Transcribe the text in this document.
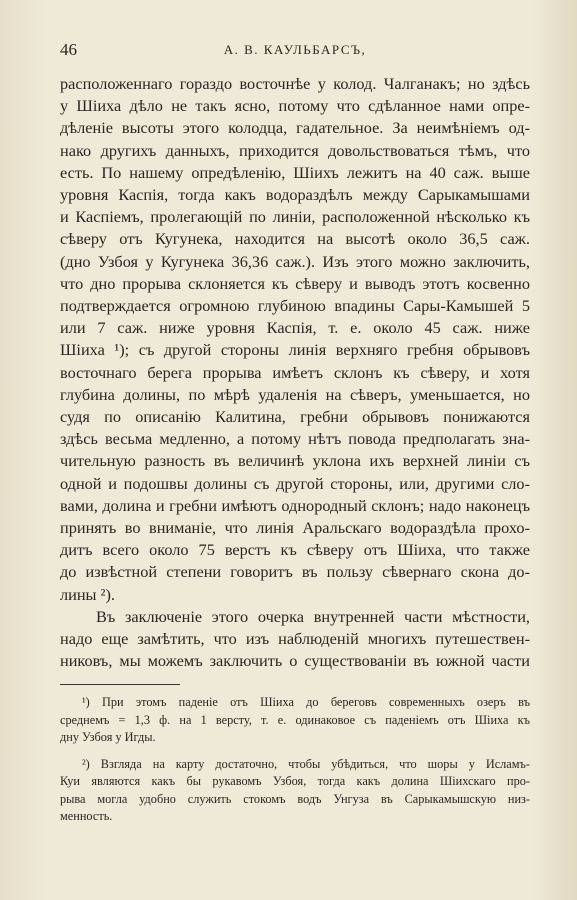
46	А. В. КАУЛЬБАРСЪ,
расположеннаго гораздо восточнѣе у колод. Чалганакъ; но здѣсь
у Шiиха дѣло не такъ ясно, потому что сдѣланное нами опре-
дѣленiе высоты этого колодца, гадательное. За неимѣнiемъ од-
нако другихъ данныхъ, приходится довольствоваться тѣмъ, что
есть. По нашему опредѣленiю, Шiихъ лежитъ на 40 саж. выше
уровня Каспiя, тогда какъ водораздѣлъ между Сарыкамышами
и Каспiемъ, пролегающiй по линiи, расположенной нѣсколько къ
сѣверу отъ Кугунека, находится на высотѣ около 36,5 саж.
(дно Узбоя у Кугунека 36,36 саж.). Изъ этого можно заключить,
что дно прорыва склоняется къ сѣверу и выводъ этотъ косвенно
подтверждается огромною глубиною впадины Сары-Камышей 5
или 7 саж. ниже уровня Каспiя, т. е. около 45 саж. ниже
Шiиха ¹); съ другой стороны линiя верхняго гребня обрывовъ
восточнаго берега прорыва имѣетъ склонъ къ сѣверу, и хотя
глубина долины, по мѣрѣ удаленiя на сѣверъ, уменьшается, но
судя по описанiю Калитина, гребни обрывовъ понижаются
здѣсь весьма медленно, а потому нѣтъ повода предполагать зна-
чительную разность въ величинѣ уклона ихъ верхней линiи съ
одной и подошвы долины съ другой стороны, или, другими сло-
вами, долина и гребни имѣютъ однородный склонъ; надо наконецъ
принять во вниманiе, что линiя Аральскаго водораздѣла прохо-
дитъ всего около 75 верстъ къ сѣверу отъ Шiиха, что также
до извѣстной степени говоритъ въ пользу сѣвернаго скона до-
лины ²).
Въ заключенiе этого очерка внутренней части мѣстности,
надо еще замѣтить, что изъ наблюденiй многихъ путешествен-
никовъ, мы можемъ заключить о существованiи въ южной части
¹) При этомъ паденiе отъ Шiиха до береговъ современныхъ озеръ въ
среднемъ = 1,3 ф. на 1 версту, т. е. одинаковое съ паденiемъ отъ Шiиха къ
дну Узбоя у Игды.
²) Взгляда на карту достаточно, чтобы убѣдиться, что шоры у Исламъ-
Куи являются какъ бы рукавомъ Узбоя, тогда какъ долина Шiихскаго про-
рыва могла удобно служить стокомъ водъ Унгуза въ Сарыкамышскую низ-
менность.
